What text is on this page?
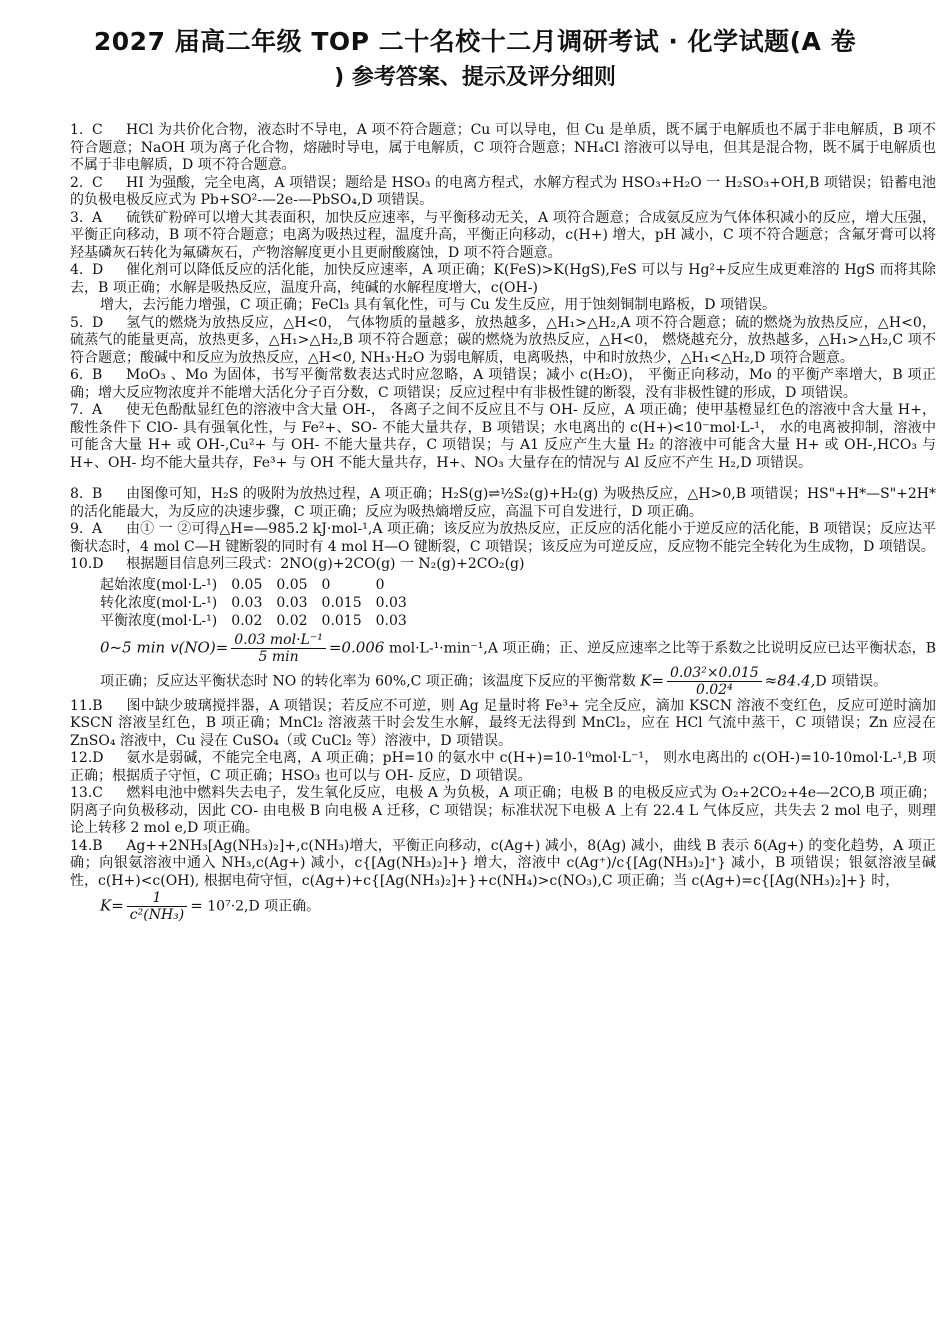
2027 届高二年级 TOP 二十名校十二月调研考试 · 化学试题(A 卷
) 参考答案、提示及评分细则
1. C HCl 为共价化合物，液态时不导电，A 项不符合题意；Cu 可以导电，但 Cu 是单质，既不属于电解质也不属于非电解质，B 项不符合题意；NaOH 项为离子化合物，熔融时导电，属于电解质，C 项符合题意；NH₄Cl 溶液可以导电，但其是混合物，既不属于电解质也不属于非电解质，D 项不符合题意。
2. C HI 为强酸，完全电离，A 项错误；题给是 HSO₃ 的电离方程式，水解方程式为 HSO₃+H₂O 一 H₂SO₃+OH,B 项错误；铅蓄电池的负极电极反应式为 Pb+SO²-—2e-—PbSO₄,D 项错误。
3. A 硫铁矿粉碎可以增大其表面积，加快反应速率，与平衡移动无关，A 项符合题意；合成氨反应为气体体积减小的反应，增大压强，平衡正向移动，B 项不符合题意；电离为吸热过程，温度升高，平衡正向移动，c(H+) 增大，pH 减小，C 项不符合题意；含氟牙膏可以将羟基磷灰石转化为氟磷灰石，产物溶解度更小且更耐酸腐蚀，D 项不符合题意。
4. D 催化剂可以降低反应的活化能，加快反应速率，A 项正确；K(FeS)>K(HgS),FeS 可以与 Hg²+反应生成更难溶的 HgS 而将其除去，B 项正确；水解是吸热反应，温度升高，纯碱的水解程度增大，c(OH-)
增大，去污能力增强，C 项正确；FeCl₃ 具有氧化性，可与 Cu 发生反应，用于蚀刻铜制电路板，D 项错误。
5. D 氢气的燃烧为放热反应，△H<0， 气体物质的量越多，放热越多，△H₁>△H₂,A 项不符合题意；硫的燃烧为放热反应，△H<0， 硫蒸气的能量更高，放热更多，△H₁>△H₂,B 项不符合题意；碳的燃烧为放热反应，△H<0， 燃烧越充分，放热越多，△H₁>△H₂,C 项不符合题意；酸碱中和反应为放热反应，△H<0, NH₃·H₂O 为弱电解质，电离吸热，中和时放热少，△H₁<△H₂,D 项符合题意。
6. B MoO₃ 、Mo 为固体，书写平衡常数表达式时应忽略，A 项错误；减小 c(H₂O)， 平衡正向移动，Mo 的平衡产率增大，B 项正确；增大反应物浓度并不能增大活化分子百分数，C 项错误；反应过程中有非极性键的断裂，没有非极性键的形成，D 项错误。
7. A 使无色酚酞显红色的溶液中含大量 OH-， 各离子之间不反应且不与 OH- 反应，A 项正确；使甲基橙显红色的溶液中含大量 H+，酸性条件下 ClO- 具有强氧化性，与 Fe²+、SO- 不能大量共存，B 项错误；水电离出的 c(H+)<10⁻mol·L-¹， 水的电离被抑制，溶液中可能含大量 H+ 或 OH-,Cu²+ 与 OH- 不能大量共存，C 项错误；与 A1 反应产生大量 H₂ 的溶液中可能含大量 H+ 或 OH-,HCO₃ 与 H+、OH- 均不能大量共存，Fe³+ 与 OH 不能大量共存，H+、NO₃ 大量存在的情况与 Al 反应不产生 H₂,D 项错误。
8. B 由图像可知，H₂S 的吸附为放热过程，A 项正确；H₂S(g)⇌½S₂(g)+H₂(g) 为吸热反应，△H>0,B 项错误；HS"+H*—S"+2H* 的活化能最大，为反应的决速步骤，C 项正确；反应为吸热熵增反应，高温下可自发进行，D 项正确。
9. A 由① 一 ②可得△H=—985.2 kJ·mol-¹,A 项正确；该反应为放热反应，正反应的活化能小于逆反应的活化能，B 项错误；反应达平衡状态时，4 mol C—H 键断裂的同时有 4 mol H—O 键断裂，C 项错误；该反应为可逆反应，反应物不能完全转化为生成物，D 项错误。
10.D 根据题目信息列三段式：2NO(g)+2CO(g) 一 N₂(g)+2CO₂(g)
起始浓度(mol·L-¹)	0.05	0.05	0	0
转化浓度(mol·L-¹)	0.03	0.03	0.015	0.03
平衡浓度(mol·L-¹)	0.02	0.02	0.015	0.03
0~5 $\min v(NO)= \frac{\text{0.03 mol·L⁻¹}}{5 \min} =0.006$ mol·L-¹·min⁻¹,A 项正确；正、逆反应速率之比等于系数之比说明反应已达平衡状态，B 项正确；反应达平衡状态时 NO 的转化率为 60%,C 项正确；该温度下反应的平衡常数 $K= \frac{\text{0.03²×0.015}}{\text{0.02⁴}} \approx 84.4,D$ 项错误。
11.B 图中缺少玻璃搅拌器，A 项错误；若反应不可逆，则 Ag 足量时将 Fe³+ 完全反应，滴加 KSCN 溶液不变红色，反应可逆时滴加 KSCN 溶液呈红色，B 项正确；MnCl₂ 溶液蒸干时会发生水解，最终无法得到 MnCl₂，应在 HCl 气流中蒸干，C 项错误；Zn 应浸在 ZnSO₄ 溶液中，Cu 浸在 CuSO₄（或 CuCl₂ 等）溶液中，D 项错误。
12.D 氨水是弱碱，不能完全电离，A 项正确；pH=10 的氨水中 c(H+)=10-1⁰mol·L⁻¹， 则水电离出的 c(OH-)=10-10mol·L-¹,B 项正确；根据质子守恒，C 项正确；HSO₃ 也可以与 OH- 反应，D 项错误。
13.C 燃料电池中燃料失去电子，发生氧化反应，电极 A 为负极，A 项正确；电极 B 的电极反应式为 O₂+2CO₂+4e—2CO,B 项正确；阴离子向负极移动，因此 CO- 由电极 B 向电极 A 迁移，C 项错误；标准状况下电极 A 上有 22.4 L 气体反应，共失去 2 mol 电子，则理论上转移 2 mol e,D 项正确。
14.B Ag++2NH₃[Ag(NH₃)₂]+,c(NH₃)增大，平衡正向移动，c(Ag+) 减小，8(Ag) 减小，曲线 B 表示 δ(Ag+) 的变化趋势，A 项正确；向银氨溶液中通入 NH₃,c(Ag+) 减小，c{[Ag(NH₃)₂]+} 增大，溶液中 c(Ag⁺)/c{[Ag(NH₃)₂]⁺} 减小，B 项错误；银氨溶液呈碱性，c(H+)<c(OH), 根据电荷守恒，c(Ag+)+c{[Ag(NH₃)₂]+}+c(NH₄)>c(NO₃),C 项正确；当 c(Ag+)=c{[Ag(NH₃)₂]+} 时，
$K= \frac{1}{\text{c²(NH₃)}} = 10^7\cdot 2,D$ 项正确。
